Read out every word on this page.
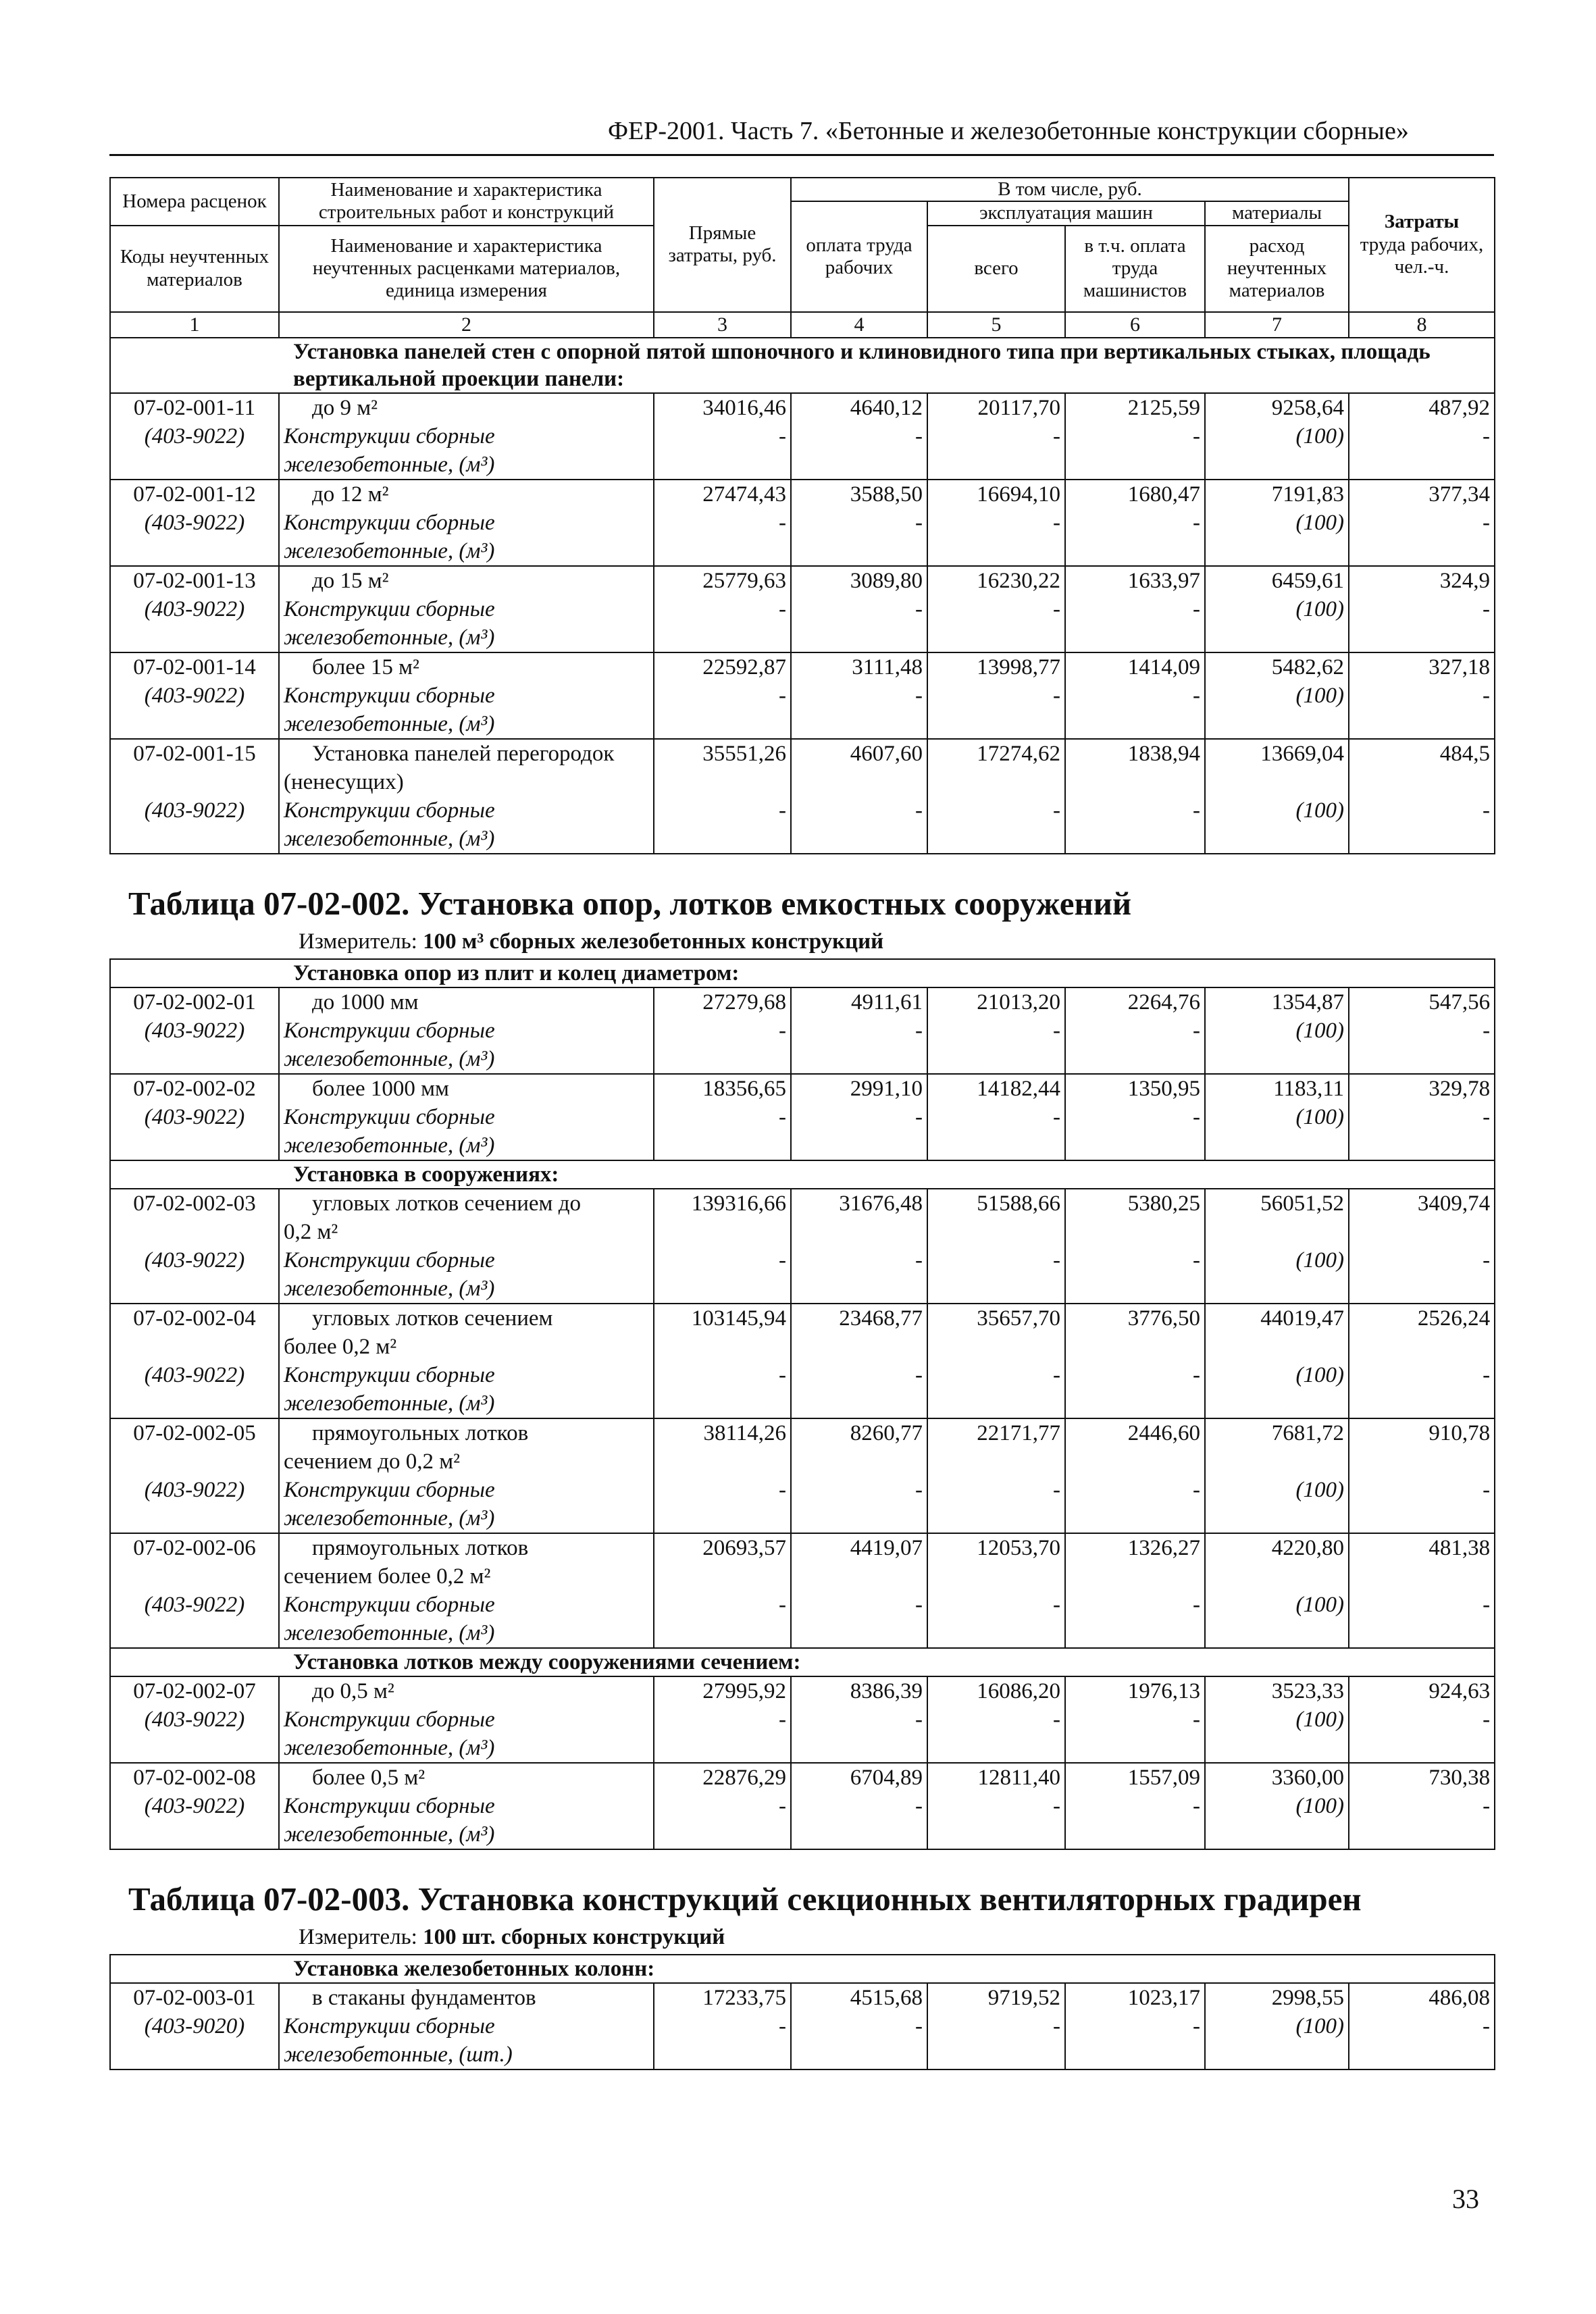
ФЕР-2001. Часть 7. «Бетонные и железобетонные конструкции сборные»
Номера расценок	Наименование и характеристика строительных работ и конструкций	Прямые затраты, руб.	В том числе, руб.				Затраты
труда рабочих, чел.-ч.
			оплата труда рабочих	эксплуатация машин		материалы	
Коды неучтенных материалов	Наименование и характеристика неучтенных расценками материалов, единица измерения			всего	в т.ч. оплата труда машинистов	расход неучтенных материалов	

1	2	3	4	5	6	7	8
Установка панелей стен с опорной пятой шпоночного и клиновидного типа при вертикальных стыках, площадь вертикальной проекции панели:							
07-02-001-11	до 9 м²	34016,46	4640,12	20117,70	2125,59	9258,64	487,92
(403-9022)	Конструкции сборные	-	-	-	-	(100)	-
	железобетонные, (м³)						
07-02-001-12	до 12 м²	27474,43	3588,50	16694,10	1680,47	7191,83	377,34
(403-9022)	Конструкции сборные	-	-	-	-	(100)	-
	железобетонные, (м³)						
07-02-001-13	до 15 м²	25779,63	3089,80	16230,22	1633,97	6459,61	324,9
(403-9022)	Конструкции сборные	-	-	-	-	(100)	-
	железобетонные, (м³)						
07-02-001-14	более 15 м²	22592,87	3111,48	13998,77	1414,09	5482,62	327,18
(403-9022)	Конструкции сборные	-	-	-	-	(100)	-
	железобетонные, (м³)						
07-02-001-15	Установка панелей перегородок	35551,26	4607,60	17274,62	1838,94	13669,04	484,5
	(ненесущих)						
(403-9022)	Конструкции сборные	-	-	-	-	(100)	-
	железобетонные, (м³)						
Таблица 07-02-002. Установка опор, лотков емкостных сооружений
Измеритель: 100 м³ сборных железобетонных конструкций
Установка опор из плит и колец диаметром:							
07-02-002-01	до 1000 мм	27279,68	4911,61	21013,20	2264,76	1354,87	547,56
(403-9022)	Конструкции сборные	-	-	-	-	(100)	-
	железобетонные, (м³)						
07-02-002-02	более 1000 мм	18356,65	2991,10	14182,44	1350,95	1183,11	329,78
(403-9022)	Конструкции сборные	-	-	-	-	(100)	-
	железобетонные, (м³)						
Установка в сооружениях:							
07-02-002-03	угловых лотков сечением до	139316,66	31676,48	51588,66	5380,25	56051,52	3409,74
	0,2 м²						
(403-9022)	Конструкции сборные	-	-	-	-	(100)	-
	железобетонные, (м³)						
07-02-002-04	угловых лотков сечением	103145,94	23468,77	35657,70	3776,50	44019,47	2526,24
	более 0,2 м²						
(403-9022)	Конструкции сборные	-	-	-	-	(100)	-
	железобетонные, (м³)						
07-02-002-05	прямоугольных лотков	38114,26	8260,77	22171,77	2446,60	7681,72	910,78
	сечением до 0,2 м²						
(403-9022)	Конструкции сборные	-	-	-	-	(100)	-
	железобетонные, (м³)						
07-02-002-06	прямоугольных лотков	20693,57	4419,07	12053,70	1326,27	4220,80	481,38
	сечением более 0,2 м²						
(403-9022)	Конструкции сборные	-	-	-	-	(100)	-
	железобетонные, (м³)						
Установка лотков между сооружениями сечением:							
07-02-002-07	до 0,5 м²	27995,92	8386,39	16086,20	1976,13	3523,33	924,63
(403-9022)	Конструкции сборные	-	-	-	-	(100)	-
	железобетонные, (м³)						
07-02-002-08	более 0,5 м²	22876,29	6704,89	12811,40	1557,09	3360,00	730,38
(403-9022)	Конструкции сборные	-	-	-	-	(100)	-
	железобетонные, (м³)						
Таблица 07-02-003. Установка конструкций секционных вентиляторных градирен
Измеритель: 100 шт. сборных конструкций
Установка железобетонных колонн:							
07-02-003-01	в стаканы фундаментов	17233,75	4515,68	9719,52	1023,17	2998,55	486,08
(403-9020)	Конструкции сборные	-	-	-	-	(100)	-
	железобетонные, (шт.)						
33
